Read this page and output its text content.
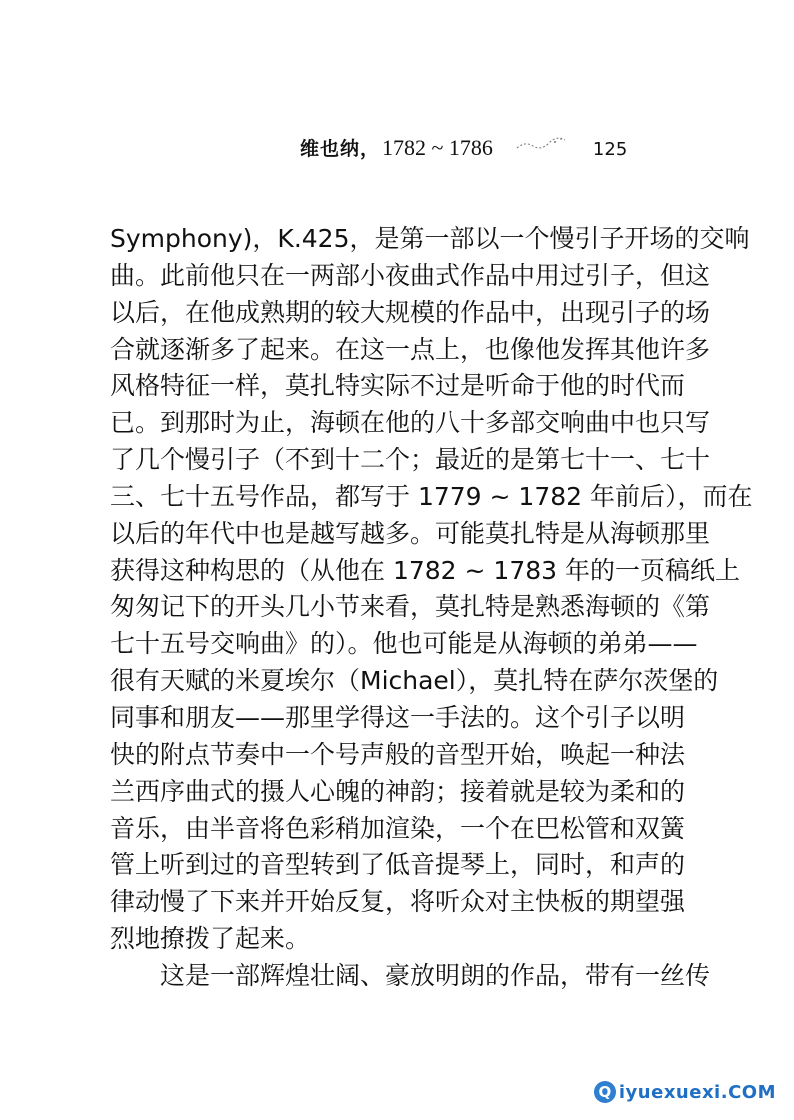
维也纳， 1782 ~ 1786	125
Symphony)，K.425，是第一部以一个慢引子开场的交响
曲。此前他只在一两部小夜曲式作品中用过引子，但这
以后，在他成熟期的较大规模的作品中，出现引子的场
合就逐渐多了起来。在这一点上，也像他发挥其他许多
风格特征一样，莫扎特实际不过是听命于他的时代而
已。到那时为止，海顿在他的八十多部交响曲中也只写
了几个慢引子（不到十二个；最近的是第七十一、七十
三、七十五号作品，都写于 1779 ~ 1782 年前后），而在
以后的年代中也是越写越多。可能莫扎特是从海顿那里
获得这种构思的（从他在 1782 ~ 1783 年的一页稿纸上
匆匆记下的开头几小节来看，莫扎特是熟悉海顿的《第
七十五号交响曲》的）。他也可能是从海顿的弟弟——
很有天赋的米夏埃尔（Michael），莫扎特在萨尔茨堡的
同事和朋友——那里学得这一手法的。这个引子以明
快的附点节奏中一个号声般的音型开始，唤起一种法
兰西序曲式的摄人心魄的神韵；接着就是较为柔和的
音乐，由半音将色彩稍加渲染，一个在巴松管和双簧
管上听到过的音型转到了低音提琴上，同时，和声的
律动慢了下来并开始反复，将听众对主快板的期望强
烈地撩拨了起来。
这是一部辉煌壮阔、豪放明朗的作品，带有一丝传
Q iyuexuexi.COM
